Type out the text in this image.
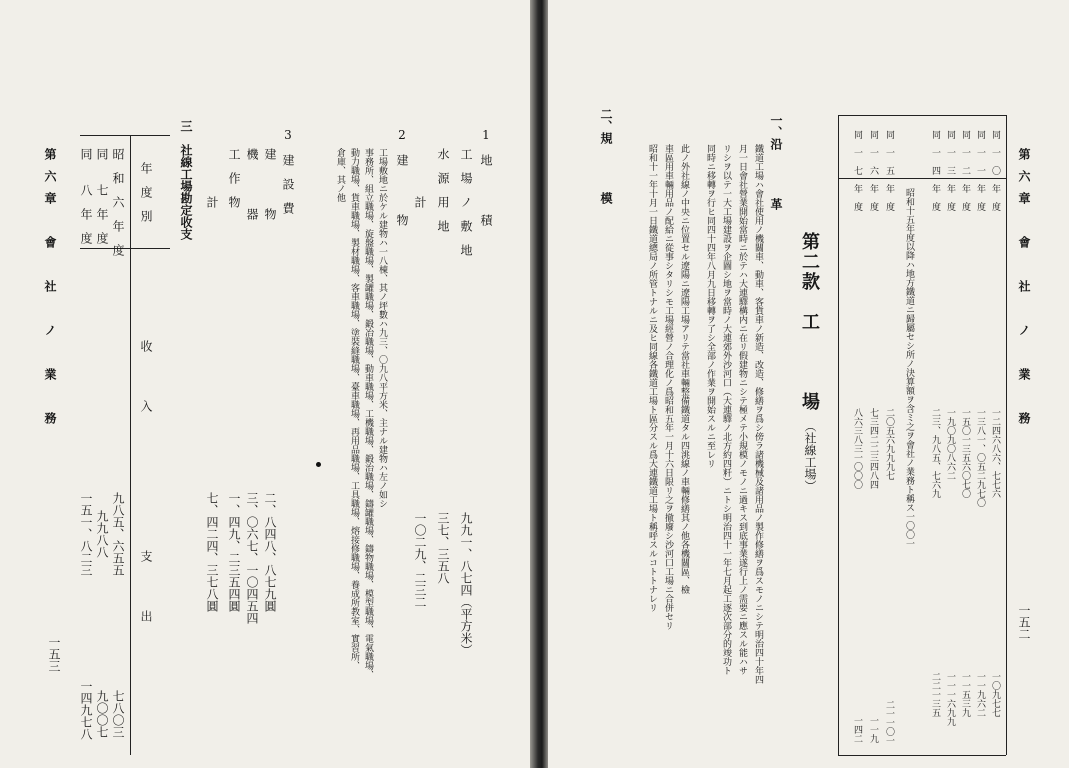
第六章　會　社　ノ　業　務
一五三
年　度　別
收　　　　入
支　　　　出
昭　和　六　年　度
九八五、六五五
七八〇三
同　　七　年　度
九九八八
九〇〇七
同　　八　年　度
一五一、八二三
一四九七八
三　社線工場勘定收支	3　建　設　費
建　　　　物
二、八四八、八七九圓
機　　　　器
三、〇六七、一〇四五四
工　作　物
一、四九、二三五四圓
計
七、四二四、三七八圓
2　建　　　　物
工場敷地ニ於ケル建物ハ一八棟、其ノ坪數ハ九三、〇九八平方米、主ナル建物ハ左ノ如シ
事務所、組立職場、旋盤職場、製罐職場、鍛冶職場、動車職場、工機職場、鍛治職場、鑄罐職場、鑄物職場、模型職場、電氣職場、
動力職場、貨車職場、製材職場、客車職場、塗裝縫職場、臺車職場、再用品職場、工具職場、熔接修職場、養成所教室、實習所、
倉庫、其ノ他	1　地　　　　積
工　場　ノ　敷　地
九九一、八七四（平方米）
水　源　用　地
三七、三五八
計
一〇二九、二三二
第六章　會　社　ノ　業　務
一五二
同　一　〇　年　度
一二四六八六、七七六
一〇九七七
同　一　一　年　度
一三八一、〇五二九七〇
一一九六二
同　一　二　年　度
一五〇一三五六〇七〇
一一五三九
同　一　三　年　度
一九〇九〇八六二
一一一六九九
同　一　四　年　度
二三、九八五、七六九
二二一三五
昭和十五年度以降ハ地方鐵道ニ歸屬セシ所ノ決算額ヲ含ミ之ヲ會社ノ業務ト稱ス一〇〇一
同　一　五　年　度
二〇五六九九九七
二一一〇一
同　一　六　年　度
七三四二二三四八四
一一九
同　一　七　年　度
八六三八三一〇〇〇
一四二
第二款　工　　　場
（社線工場）
一、沿　　　　革
鐵道工場ハ會社使用ノ機關車、動車、客貨車ノ新造、改造、修繕ヲ爲シ傍ラ諸機械及諸用品ノ製作修繕ヲ爲スモノニシテ明治四十年四
月一日會社營業開始當時ニ於テハ大連驛構内ニ在リ假建物ニシテ極メテ小規模ノモノニ過キス到底事業遂行上ノ需要ニ應スル能ハサ
リシヲ以テ一大工場建設ヲ企圖シ地ヲ當時ノ大連郊外沙河口（大連驛ノ北方約四粁）ニトシ明治四十一年七月起工逐次部分的竣功ト
同時ニ移轉ヲ行ヒ同四十四年八月九日移轉ヲ了シ全部ノ作業ヲ開始スルニ至レリ
此ノ外社線ノ中央ニ位置セル遼陽ニ遼陽工場アリテ當社車輛整備鐵道タル四洮線ノ車輛修繕其ノ他各機關區、檢
車區用車輛用品ノ配給ニ從事シタリシモ工場經營ノ合理化ノ爲昭和五年一月十六日限リ之ヲ撤廢シ沙河口工場ニ合併セリ
昭和十一年十月一日鐵道總局ノ所管トナルニ及ヒ同線各鐵道工場ト區分スル爲大連鐵道工場ト稱呼スルコトトナレリ
二、規　　　　模
